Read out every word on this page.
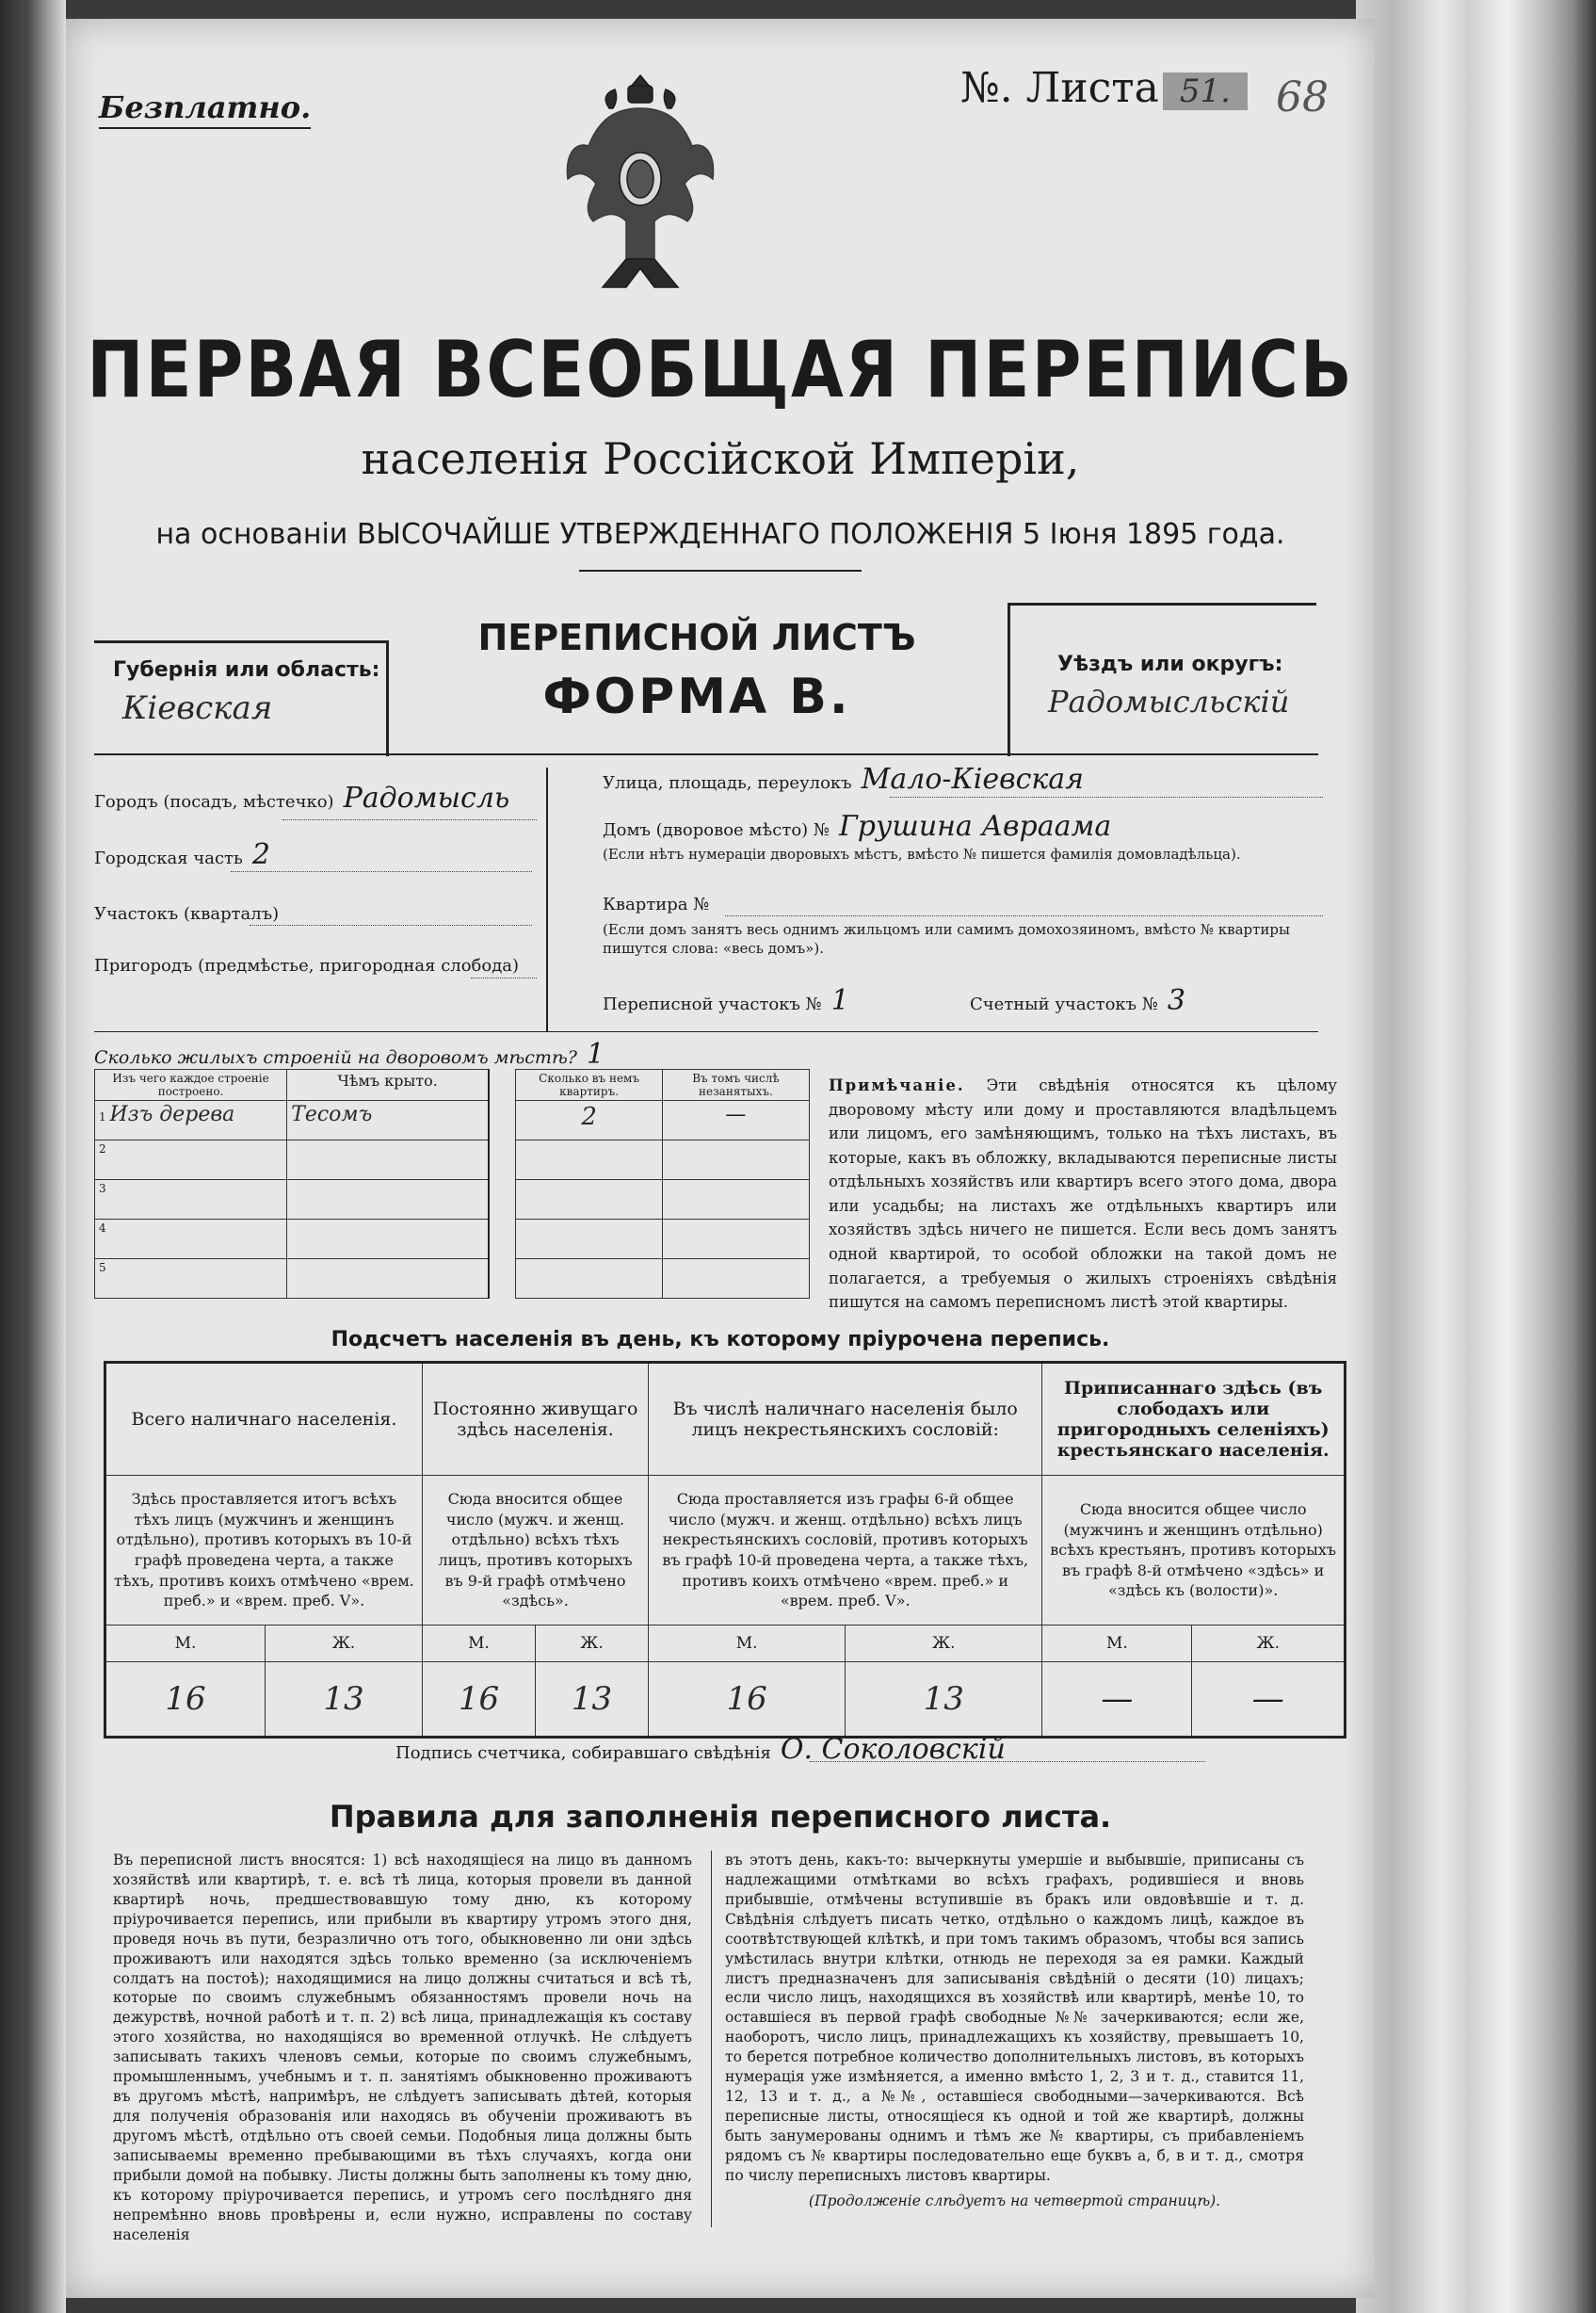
Безплатно.	№. Листа 51.	68
ПЕРВАЯ ВСЕОБЩАЯ ПЕРЕПИСЬ
населенія Россійской Имперіи,
на основаніи ВЫСОЧАЙШЕ УТВЕРЖДЕННАГО ПОЛОЖЕНІЯ 5 Іюня 1895 года.
Губернія или область:
Кіевская
ПЕРЕПИСНОЙ ЛИСТЪ
ФОРМА В.
Уѣздъ или округъ:
Радомысльскій
Городъ (посадъ, мѣстечко) Радомысль
Городская часть 2
Участокъ (кварталъ)
Пригородъ (предмѣстье, пригородная слобода)
Улица, площадь, переулокъ Мало-Кіевская
Домъ (дворовое мѣсто) № Грушина Авраама
(Если нѣтъ нумераціи дворовыхъ мѣстъ, вмѣсто № пишется фамилія домовладѣльца).
Квартира №
(Если домъ занятъ весь однимъ жильцомъ или самимъ домохозяиномъ, вмѣсто № квартиры пишутся слова: «весь домъ»).
Переписной участокъ № 1	Счетный участокъ № 3
Сколько жилыхъ строеній на дворовомъ мѣстѣ? 1
Изъ чего каждое строеніе построено.	Чѣмъ крыто.		Сколько въ немъ квартиръ.	Въ томъ числѣ незанятыхъ.
1 Изъ дерева	Тесомъ		2	—
2				
3				
4				
5				
Примѣчаніе. Эти свѣдѣнія относятся къ цѣлому дворовому мѣсту или дому и проставляются владѣльцемъ или лицомъ, его замѣняющимъ, только на тѣхъ листахъ, въ которые, какъ въ обложку, вкладываются переписные листы отдѣльныхъ хозяйствъ или квартиръ всего этого дома, двора или усадьбы; на листахъ же отдѣльныхъ квартиръ или хозяйствъ здѣсь ничего не пишется. Если весь домъ занятъ одной квартирой, то особой обложки на такой домъ не полагается, а требуемыя о жилыхъ строеніяхъ свѣдѣнія пишутся на самомъ переписномъ листѣ этой квартиры.
Подсчетъ населенія въ день, къ которому пріурочена перепись.
Всего наличнаго населенія.		Постоянно живущаго здѣсь населенія.		Въ числѣ наличнаго населенія было лицъ некрестьянскихъ сословій:		Приписаннаго здѣсь (въ слободахъ или пригородныхъ селеніяхъ) крестьянскаго населенія.	
Здѣсь проставляется итогъ всѣхъ тѣхъ лицъ (мужчинъ и женщинъ отдѣльно), противъ которыхъ въ 10-й графѣ проведена черта, а также тѣхъ, противъ коихъ отмѣчено «врем. преб.» и «врем. преб. V».		Сюда вносится общее число (мужч. и женщ. отдѣльно) всѣхъ тѣхъ лицъ, противъ которыхъ въ 9-й графѣ отмѣчено «здѣсь».		Сюда проставляется изъ графы 6-й общее число (мужч. и женщ. отдѣльно) всѣхъ лицъ некрестьянскихъ сословій, противъ которыхъ въ графѣ 10-й проведена черта, а также тѣхъ, противъ коихъ отмѣчено «врем. преб.» и «врем. преб. V».		Сюда вносится общее число (мужчинъ и женщинъ отдѣльно) всѣхъ крестьянъ, противъ которыхъ въ графѣ 8-й отмѣчено «здѣсь» и «здѣсь къ (волости)».	
М.	Ж.	М.	Ж.	М.	Ж.	М.	Ж.
16	13	16	13	16	13	—	—
Подпись счетчика, собиравшаго свѣдѣнія О. Соколовскій
Правила для заполненія переписного листа.
Въ переписной листъ вносятся: 1) всѣ находящіеся на лицо въ данномъ хозяйствѣ или квартирѣ, т. е. всѣ тѣ лица, которыя провели въ данной квартирѣ ночь, предшествовавшую тому дню, къ которому пріурочивается перепись, или прибыли въ квартиру утромъ этого дня, проведя ночь въ пути, безразлично отъ того, обыкновенно ли они здѣсь проживаютъ или находятся здѣсь только временно (за исключеніемъ солдатъ на постоѣ); находящимися на лицо должны считаться и всѣ тѣ, которые по своимъ служебнымъ обязанностямъ провели ночь на дежурствѣ, ночной работѣ и т. п. 2) всѣ лица, принадлежащія къ составу этого хозяйства, но находящіяся во временной отлучкѣ. Не слѣдуетъ записывать такихъ членовъ семьи, которые по своимъ служебнымъ, промышленнымъ, учебнымъ и т. п. занятіямъ обыкновенно проживаютъ въ другомъ мѣстѣ, напримѣръ, не слѣдуетъ записывать дѣтей, которыя для полученія образованія или находясь въ обученіи проживаютъ въ другомъ мѣстѣ, отдѣльно отъ своей семьи. Подобныя лица должны быть записываемы временно пребывающими въ тѣхъ случаяхъ, когда они прибыли домой на побывку. Листы должны быть заполнены къ тому дню, къ которому пріурочивается перепись, и утромъ сего послѣдняго дня непремѣнно вновь провѣрены и, если нужно, исправлены по составу населенія
въ этотъ день, какъ-то: вычеркнуты умершіе и выбывшіе, приписаны съ надлежащими отмѣтками во всѣхъ графахъ, родившіеся и вновь прибывшіе, отмѣчены вступившіе въ бракъ или овдовѣвшіе и т. д. Свѣдѣнія слѣдуетъ писать четко, отдѣльно о каждомъ лицѣ, каждое въ соотвѣтствующей клѣткѣ, и при томъ такимъ образомъ, чтобы вся запись умѣстилась внутри клѣтки, отнюдь не переходя за ея рамки. Каждый листъ предназначенъ для записыванія свѣдѣній о десяти (10) лицахъ; если число лицъ, находящихся въ хозяйствѣ или квартирѣ, менѣе 10, то оставшіеся въ первой графѣ свободные №№ зачеркиваются; если же, наоборотъ, число лицъ, принадлежащихъ къ хозяйству, превышаетъ 10, то берется потребное количество дополнительныхъ листовъ, въ которыхъ нумерація уже измѣняется, а именно вмѣсто 1, 2, 3 и т. д., ставится 11, 12, 13 и т. д., а №№, оставшіеся свободными—зачеркиваются. Всѣ переписные листы, относящіеся къ одной и той же квартирѣ, должны быть занумерованы однимъ и тѣмъ же № квартиры, съ прибавленіемъ рядомъ съ № квартиры последовательно еще буквъ а, б, в и т. д., смотря по числу переписныхъ листовъ квартиры.
(Продолженіе слѣдуетъ на четвертой страницѣ).
